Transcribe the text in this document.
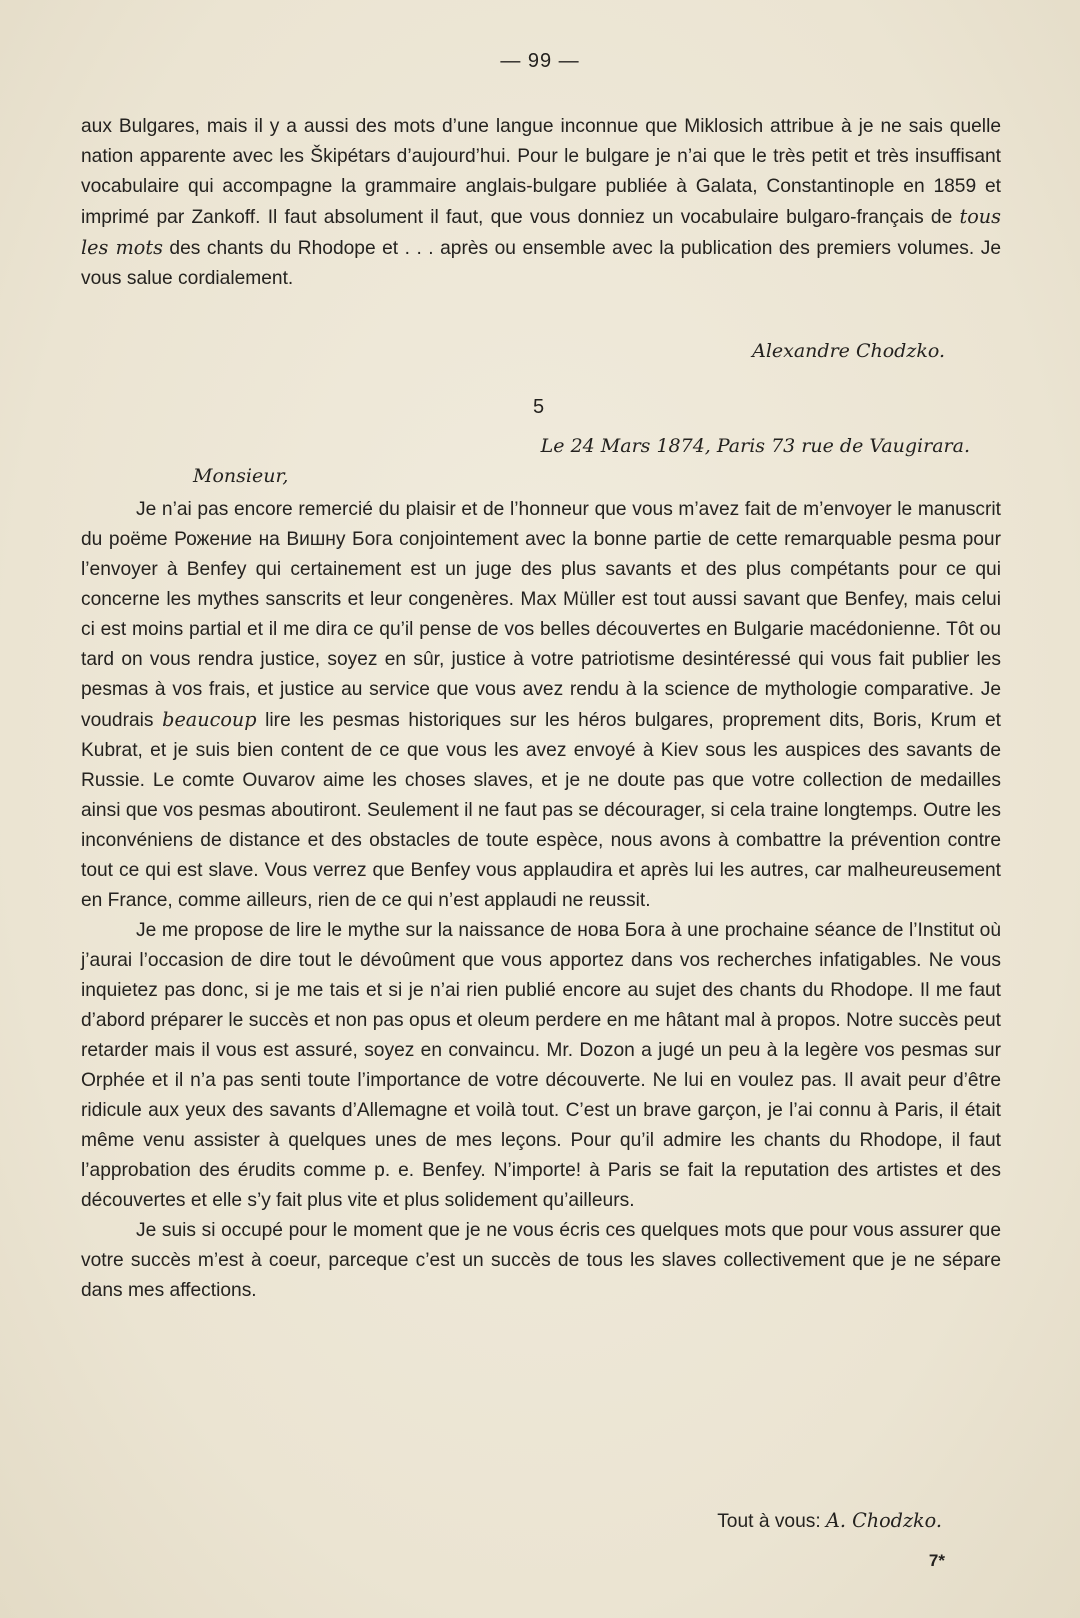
— 99 —

aux Bulgares, mais il y a aussi des mots d’une langue inconnue que Miklosich attribue à je ne sais quelle nation apparente avec les Škipétars d’aujourd’hui. Pour le bulgare je n’ai que le très petit et très insuffisant vocabulaire qui accompagne la grammaire anglais-bulgare publiée à Galata, Constantinople en 1859 et imprimé par Zankoff. Il faut absolument il faut, que vous donniez un vocabulaire bulgaro-français de tous les mots des chants du Rhodope et . . . après ou ensemble avec la publication des premiers volumes. Je vous salue cordialement.

Alexandre Chodzko.
5
Le 24 Mars 1874, Paris 73 rue de Vaugirara.
Monsieur,

Je n’ai pas encore remercié du plaisir et de l’honneur que vous m’avez fait de m’envoyer le manuscrit du poëme Рожение на Вишну Бога conjointement avec la bonne partie de cette remarquable pesma pour l’envoyer à Benfey qui certainement est un juge des plus savants et des plus compétants pour ce qui concerne les mythes sanscrits et leur congenères. Max Müller est tout aussi savant que Benfey, mais celui ci est moins partial et il me dira ce qu’il pense de vos belles découvertes en Bulgarie macédonienne. Tôt ou tard on vous rendra justice, soyez en sûr, justice à votre patriotisme desintéressé qui vous fait publier les pesmas à vos frais, et justice au service que vous avez rendu à la science de mythologie comparative. Je voudrais beaucoup lire les pesmas historiques sur les héros bulgares, proprement dits, Boris, Krum et Kubrat, et je suis bien content de ce que vous les avez envoyé à Kiev sous les auspices des savants de Russie. Le comte Ouvarov aime les choses slaves, et je ne doute pas que votre collection de medailles ainsi que vos pesmas aboutiront. Seulement il ne faut pas se décourager, si cela traine longtemps. Outre les inconvéniens de distance et des obstacles de toute espèce, nous avons à combattre la prévention contre tout ce qui est slave. Vous verrez que Benfey vous applaudira et après lui les autres, car malheureusement en France, comme ailleurs, rien de ce qui n’est applaudi ne reussit.

Je me propose de lire le mythe sur la naissance de нова Бога à une prochaine séance de l’Institut où j’aurai l’occasion de dire tout le dévoûment que vous apportez dans vos recherches infatigables. Ne vous inquietez pas donc, si je me tais et si je n’ai rien publié encore au sujet des chants du Rhodope. Il me faut d’abord préparer le succès et non pas opus et oleum perdere en me hâtant mal à propos. Notre succès peut retarder mais il vous est assuré, soyez en convaincu. Mr. Dozon a jugé un peu à la legère vos pesmas sur Orphée et il n’a pas senti toute l’importance de votre découverte. Ne lui en voulez pas. Il avait peur d’être ridicule aux yeux des savants d’Allemagne et voilà tout. C’est un brave garçon, je l’ai connu à Paris, il était même venu assister à quelques unes de mes leçons. Pour qu’il admire les chants du Rhodope, il faut l’approbation des érudits comme p. e. Benfey. N’importe! à Paris se fait la reputation des artistes et des découvertes et elle s’y fait plus vite et plus solidement qu’ailleurs.

Je suis si occupé pour le moment que je ne vous écris ces quelques mots que pour vous assurer que votre succès m’est à coeur, parceque c’est un succès de tous les slaves collectivement que je ne sépare dans mes affections.

Tout à vous: A. Chodzko.
7*
